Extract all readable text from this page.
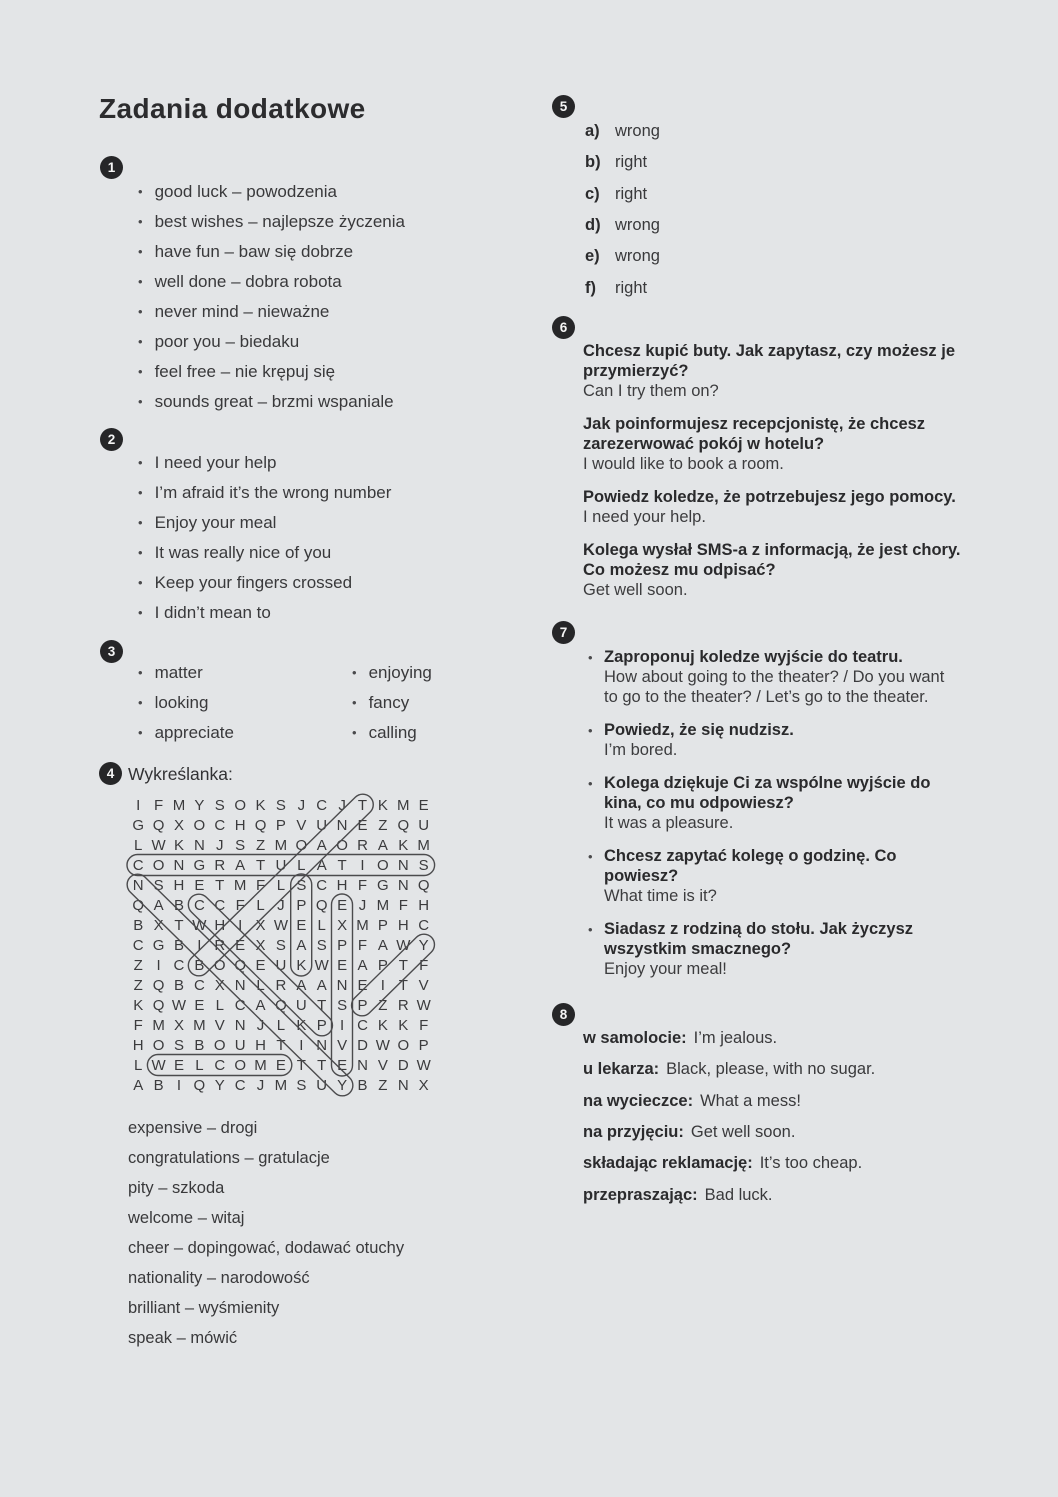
Zadania dodatkowe
1
• good luck – powodzenia
• best wishes – najlepsze życzenia
• have fun – baw się dobrze
• well done – dobra robota
• never mind – nieważne
• poor you – biedaku
• feel free – nie krępuj się
• sounds great – brzmi wspaniale
2
• I need your help
• I’m afraid it’s the wrong number
• Enjoy your meal
• It was really nice of you
• Keep your fingers crossed
• I didn’t mean to
3
• matter
• looking
• appreciate
• enjoying
• fancy
• calling
4 Wykreślanka:
I F M Y S O K S J C J T K M E
G Q X O C H Q P V U N E Z Q U
L W K N J S Z M O A O R A K M
C O N G R A T U L A T I O N S
N S H E T M F L S C H F G N Q
Q A B C C F L J P Q E J M F H
B X T W H I X W E L X M P H C
C G B I R E X S A S P F A W Y
Z I C B O Q E U K W E A P T F
Z Q B C X N L R A A N E I T V
K Q W E L C A Q U T S P Z R W
F M X M V N J L K P I C K K F
H O S B O U H T I N V D W O P
L W E L C O M E T T E N V D W
A B I Q Y C J M S U Y B Z N X
expensive – drogi
congratulations – gratulacje
pity – szkoda
welcome – witaj
cheer – dopingować, dodawać otuchy
nationality – narodowość
brilliant – wyśmienity
speak – mówić
5
a) wrong
b) right
c) right
d) wrong
e) wrong
f)	right
6
Chcesz kupić buty. Jak zapytasz, czy możesz je
przymierzyć?
Can I try them on?
Jak poinformujesz recepcjonistę, że chcesz
zarezerwować pokój w hotelu?
I would like to book a room.
Powiedz koledze, że potrzebujesz jego pomocy.
I need your help.
Kolega wysłał SMS-a z informacją, że jest chory.
Co możesz mu odpisać?
Get well soon.
7
• Zaproponuj koledze wyjście do teatru.
How about going to the theater? / Do you want
to go to the theater? / Let’s go to the theater.
• Powiedz, że się nudzisz.
I’m bored.
• Kolega dziękuje Ci za wspólne wyjście do
kina, co mu odpowiesz?
It was a pleasure.
• Chcesz zapytać kolegę o godzinę. Co
powiesz?
What time is it?
• Siadasz z rodziną do stołu. Jak życzysz
wszystkim smacznego?
Enjoy your meal!
8
w samolocie: I’m jealous.
u lekarza: Black, please, with no sugar.
na wycieczce: What a mess!
na przyjęciu: Get well soon.
składając reklamację: It’s too cheap.
przepraszając: Bad luck.
